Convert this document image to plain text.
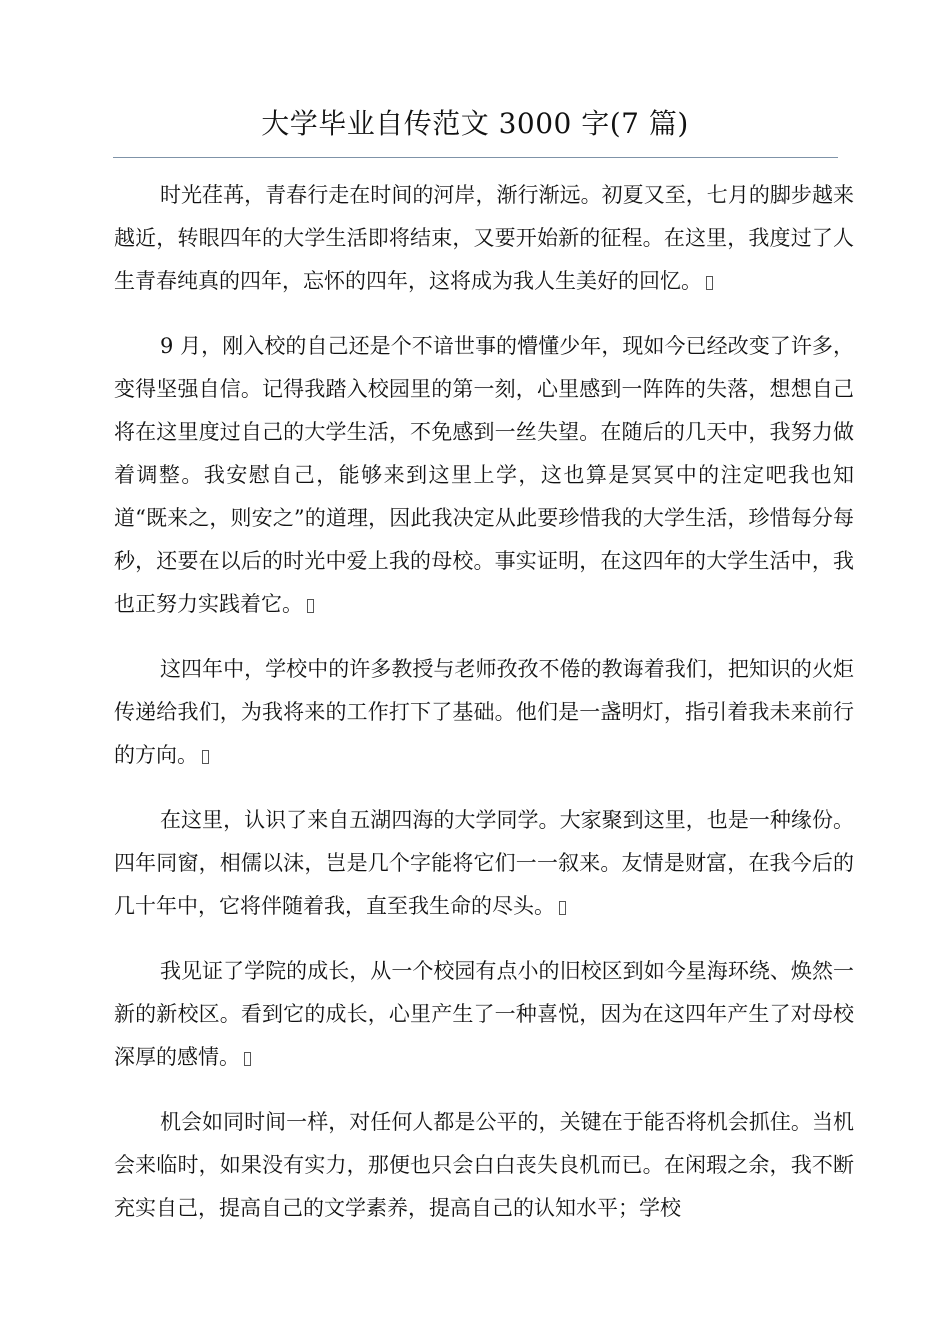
大学毕业自传范文 3000 字(7 篇)

时光荏苒，青春行走在时间的河岸，渐行渐远。初夏又至，七月的脚步越来越近，转眼四年的大学生活即将结束，又要开始新的征程。在这里，我度过了人生青春纯真的四年，忘怀的四年，这将成为我人生美好的回忆。

9 月，刚入校的自己还是个不谙世事的懵懂少年，现如今已经改变了许多，变得坚强自信。记得我踏入校园里的第一刻，心里感到一阵阵的失落，想想自己将在这里度过自己的大学生活，不免感到一丝失望。在随后的几天中，我努力做着调整。我安慰自己，能够来到这里上学，这也算是冥冥中的注定吧我也知道“既来之，则安之”的道理，因此我决定从此要珍惜我的大学生活，珍惜每分每秒，还要在以后的时光中爱上我的母校。事实证明，在这四年的大学生活中，我也正努力实践着它。

这四年中，学校中的许多教授与老师孜孜不倦的教诲着我们，把知识的火炬传递给我们，为我将来的工作打下了基础。他们是一盏明灯，指引着我未来前行的方向。

在这里，认识了来自五湖四海的大学同学。大家聚到这里，也是一种缘份。四年同窗，相儒以沫，岂是几个字能将它们一一叙来。友情是财富，在我今后的几十年中，它将伴随着我，直至我生命的尽头。

我见证了学院的成长，从一个校园有点小的旧校区到如今星海环绕、焕然一新的新校区。看到它的成长，心里产生了一种喜悦，因为在这四年产生了对母校深厚的感情。

机会如同时间一样，对任何人都是公平的，关键在于能否将机会抓住。当机会来临时，如果没有实力，那便也只会白白丧失良机而已。在闲瑕之余，我不断充实自己，提高自己的文学素养，提高自己的认知水平；学校
